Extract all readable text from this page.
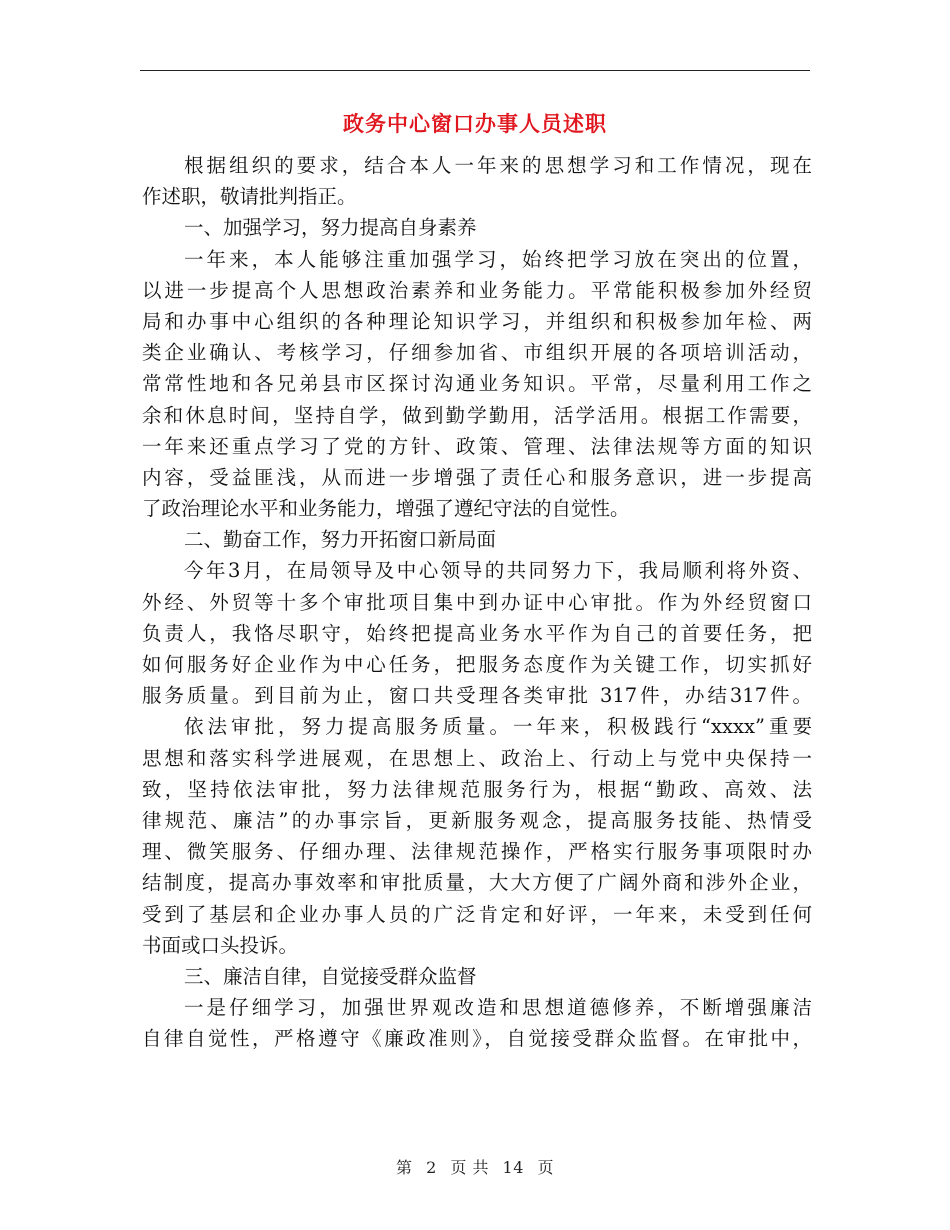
政务中心窗口办事人员述职
根据组织的要求，结合本人一年来的思想学习和工作情况，现在
作述职，敬请批判指正。
一、加强学习，努力提高自身素养
一年来，本人能够注重加强学习，始终把学习放在突出的位置，
以进一步提高个人思想政治素养和业务能力。平常能积极参加外经贸
局和办事中心组织的各种理论知识学习，并组织和积极参加年检、两
类企业确认、考核学习，仔细参加省、市组织开展的各项培训活动，
常常性地和各兄弟县市区探讨沟通业务知识。平常，尽量利用工作之
余和休息时间，坚持自学，做到勤学勤用，活学活用。根据工作需要，
一年来还重点学习了党的方针、政策、管理、法律法规等方面的知识
内容，受益匪浅，从而进一步增强了责任心和服务意识，进一步提高
了政治理论水平和业务能力，增强了遵纪守法的自觉性。
二、勤奋工作，努力开拓窗口新局面
今年3月，在局领导及中心领导的共同努力下，我局顺利将外资、
外经、外贸等十多个审批项目集中到办证中心审批。作为外经贸窗口
负责人，我恪尽职守，始终把提高业务水平作为自己的首要任务，把
如何服务好企业作为中心任务，把服务态度作为关键工作，切实抓好
服务质量。到目前为止，窗口共受理各类审批 317件，办结317件。
依法审批，努力提高服务质量。一年来，积极践行“xxxx”重要
思想和落实科学进展观，在思想上、政治上、行动上与党中央保持一
致，坚持依法审批，努力法律规范服务行为，根据“勤政、高效、法
律规范、廉洁”的办事宗旨，更新服务观念，提高服务技能、热情受
理、微笑服务、仔细办理、法律规范操作，严格实行服务事项限时办
结制度，提高办事效率和审批质量，大大方便了广阔外商和涉外企业，
受到了基层和企业办事人员的广泛肯定和好评，一年来，未受到任何
书面或口头投诉。
三、廉洁自律，自觉接受群众监督
一是仔细学习，加强世界观改造和思想道德修养，不断增强廉洁
自律自觉性，严格遵守《廉政准则》，自觉接受群众监督。在审批中，
第 2 页 共 14 页
